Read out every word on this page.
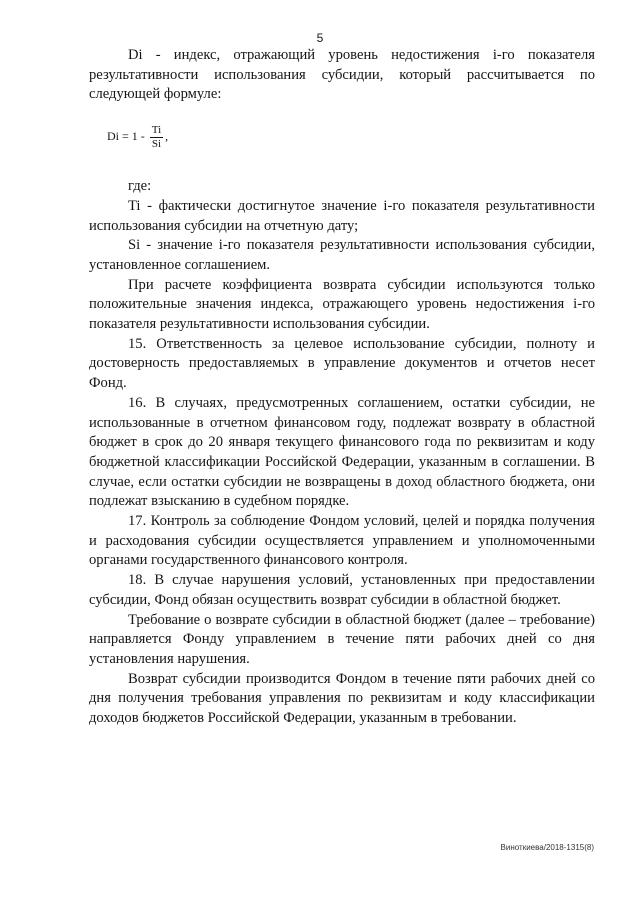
5

Di - индекс, отражающий уровень недостижения i-го показателя результативности использования субсидии, который рассчитывается по следующей формуле:

$Di = 1 - \frac{Ti}{Si}$ ,

где:

Ti - фактически достигнутое значение i-го показателя результативности использования субсидии на отчетную дату;

Si - значение i-го показателя результативности использования субсидии, установленное соглашением.

При расчете коэффициента возврата субсидии используются только положительные значения индекса, отражающего уровень недостижения i-го показателя результативности использования субсидии.

15. Ответственность за целевое использование субсидии, полноту и достоверность предоставляемых в управление документов и отчетов несет Фонд.

16. В случаях, предусмотренных соглашением, остатки субсидии, не использованные в отчетном финансовом году, подлежат возврату в областной бюджет в срок до 20 января текущего финансового года по реквизитам и коду бюджетной классификации Российской Федерации, указанным в соглашении. В случае, если остатки субсидии не возвращены в доход областного бюджета, они подлежат взысканию в судебном порядке.

17. Контроль за соблюдение Фондом условий, целей и порядка получения и расходования субсидии осуществляется управлением и уполномоченными органами государственного финансового контроля.

18. В случае нарушения условий, установленных при предоставлении субсидии, Фонд обязан осуществить возврат субсидии в областной бюджет.

Требование о возврате субсидии в областной бюджет (далее – требование) направляется Фонду управлением в течение пяти рабочих дней со дня установления нарушения.

Возврат субсидии производится Фондом в течение пяти рабочих дней со дня получения требования управления по реквизитам и коду классификации доходов бюджетов Российской Федерации, указанным в требовании.

Виноткиева/2018-1315(8)
